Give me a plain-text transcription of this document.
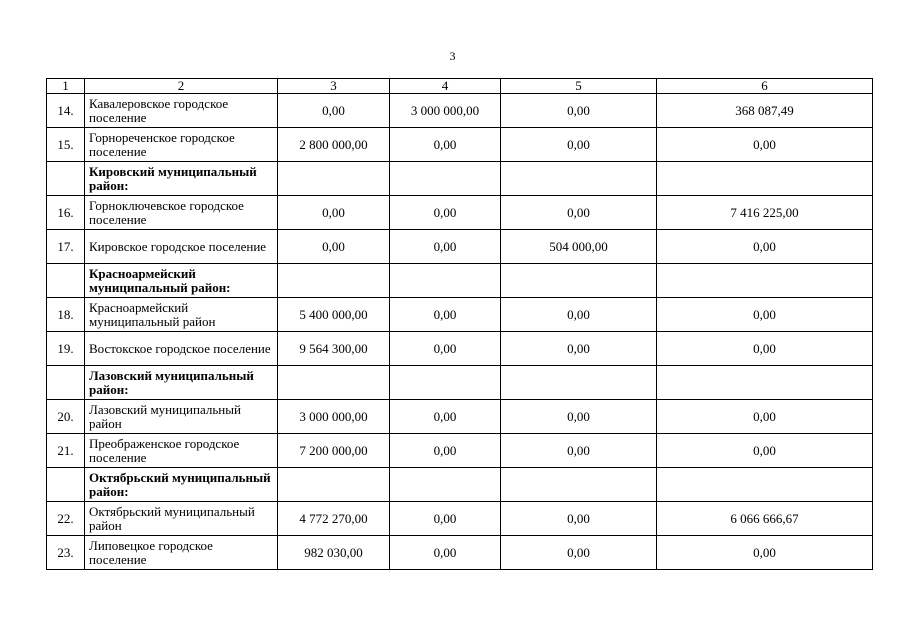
3
1	2	3	4	5	6
14.	Кавалеровское городское поселение	0,00	3 000 000,00	0,00	368 087,49
15.	Горнореченское городское поселение	2 800 000,00	0,00	0,00	0,00
	Кировский муниципальный район:				
16.	Горноключевское городское поселение	0,00	0,00	0,00	7 416 225,00
17.	Кировское городское поселение	0,00	0,00	504 000,00	0,00
	Красноармейский муниципальный район:				
18.	Красноармейский муниципальный район	5 400 000,00	0,00	0,00	0,00
19.	Востокское городское поселение	9 564 300,00	0,00	0,00	0,00
	Лазовский муниципальный район:				
20.	Лазовский муниципальный район	3 000 000,00	0,00	0,00	0,00
21.	Преображенское городское поселение	7 200 000,00	0,00	0,00	0,00
	Октябрьский муниципальный район:				
22.	Октябрьский муниципальный район	4 772 270,00	0,00	0,00	6 066 666,67
23.	Липовецкое городское поселение	982 030,00	0,00	0,00	0,00
